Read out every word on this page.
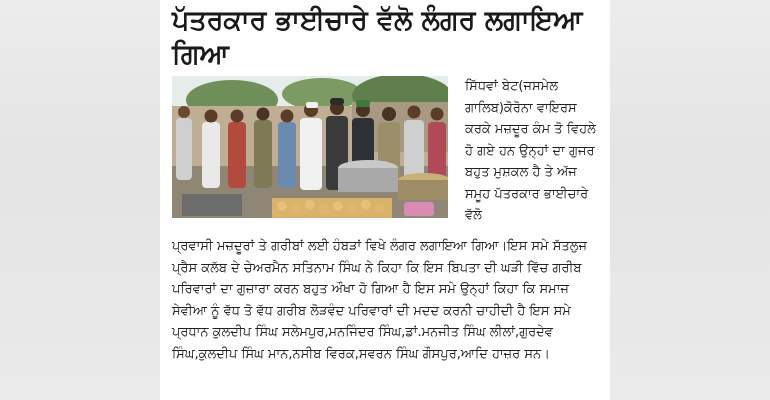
ਪੱਤਰਕਾਰ ਭਾਈਚਾਰੇ ਵੱਲੋ ਲੰਗਰ ਲਗਾਇਆ ਗਿਆ

ਸਿੱਧਵਾਂ ਬੇਟ(ਜਸਮੇਲ ਗਾਲਿਬ)ਕੋਰੋਨਾ ਵਾਇਰਸ ਕਰਕੇ ਮਜ਼ਦੂਰ ਕੰਮ ਤੋ ਵਿਹਲੇ ਹੋ ਗਏ ਹਨ ਉਨ੍ਹਾਂ ਦਾ ਗੁਜਰ ਬਹੁਤ ਮੁਸ਼ਕਲ ਹੈ ਤੇ ਅੱਜ ਸਮੂਹ ਪੱਤਰਕਾਰ ਭਾਈਚਾਰੇ ਵੱਲੋ

ਪ੍ਰਵਾਸੀ ਮਜ਼ਦੂਰਾਂ ਤੇ ਗਰੀਬਾਂ ਲਈ ਹੰਬੜਾਂ ਵਿਖੇ ਲੰਗਰ ਲਗਾਇਆ ਗਿਆ।ਇਸ ਸਮੇ ਸੱਤਲੁਜ ਪ੍ਰੈਸ ਕਲੱਬ ਦੇ ਚੇਅਰਮੈਨ ਸਤਿਨਾਮ ਸਿੰਘ ਨੇ ਕਿਹਾ ਕਿ ਇਸ ਬਿਪਤਾ ਦੀ ਘੜੀ ਵਿੱਚ ਗਰੀਬ ਪਰਿਵਾਰਾਂ ਦਾ ਗੁਜ਼ਾਰਾ ਕਰਨ ਬਹੁਤ ਔਖਾ ਹੋ ਗਿਆ ਹੈ ਇਸ ਸਮੇ ਉਨ੍ਹਾਂ ਕਿਹਾ ਕਿ ਸਮਾਜ ਸੇਵੀਆ ਨੂੰ ਵੱਧ ਤੋ ਵੱਧ ਗਰੀਬ ਲੋੜਵੰਦ ਪਰਿਵਾਰਾਂ ਦੀ ਮਦਦ ਕਰਨੀ ਚਾਹੀਦੀ ਹੈ ਇਸ ਸਮੇ ਪ੍ਰਧਾਨ ਕੁਲਦੀਪ ਸਿੰਘ ਸਲੇਮਪੁਰ,ਮਨਜਿੰਦਰ ਸਿੰਘ,ਡਾਂ.ਮਨਜੀਤ ਸਿੰਘ ਲੀਲਾਂ,ਗੁਰਦੇਵ ਸਿੰਘ,ਕੁਲਦੀਪ ਸਿੰਘ ਮਾਨ,ਨਸੀਬ ਵਿਰਕ,ਸਵਰਨ ਸਿੰਘ ਗੌਸਪੁਰ,ਆਦਿ ਹਾਜ਼ਰ ਸਨ।
